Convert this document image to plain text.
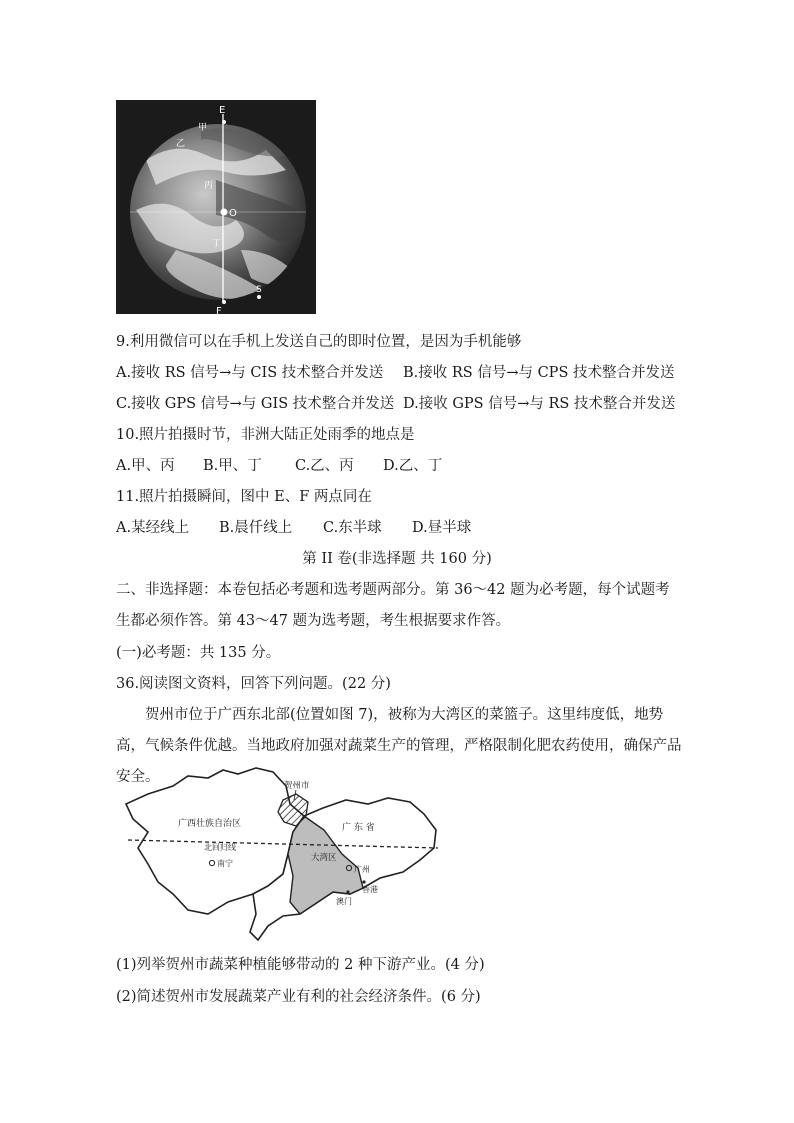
E
F
O
S
甲
乙
丙
丁
9.利用微信可以在手机上发送自己的即时位置，是因为手机能够
A.接收 RS 信号→与 CIS 技术整合并发送 B.接收 RS 信号→与 CPS 技术整合并发送
C.接收 GPS 信号→与 GIS 技术整合并发送 D.接收 GPS 信号→与 RS 技术整合并发送
10.照片拍摄时节，非洲大陆正处雨季的地点是
A.甲、丙 B.甲、丁 C.乙、丙 D.乙、丁
11.照片拍摄瞬间，图中 E、F 两点同在
A.某经线上 B.晨仟线上 C.东半球 D.昼半球
第 II 卷(非选择题 共 160 分)
二、非选择题：本卷包括必考题和选考题两部分。第 36～42 题为必考题，每个试题考生都必须作答。第 43～47 题为选考题，考生根据要求作答。
(一)必考题：共 135 分。
36.阅读图文资料，回答下列问题。(22 分)
贺州市位于广西东北部(位置如图 7)，被称为大湾区的菜篮子。这里纬度低，地势高，气候条件优越。当地政府加强对蔬菜生产的管理，严格限制化肥农药使用，确保产品安全。
贺州市
广西壮族自治区	广 东 省
北回归线
南宁
大湾区
广州
香港
澳门
(1)列举贺州市蔬菜种植能够带动的 2 种下游产业。(4 分)
(2)简述贺州市发展蔬菜产业有利的社会经济条件。(6 分)
